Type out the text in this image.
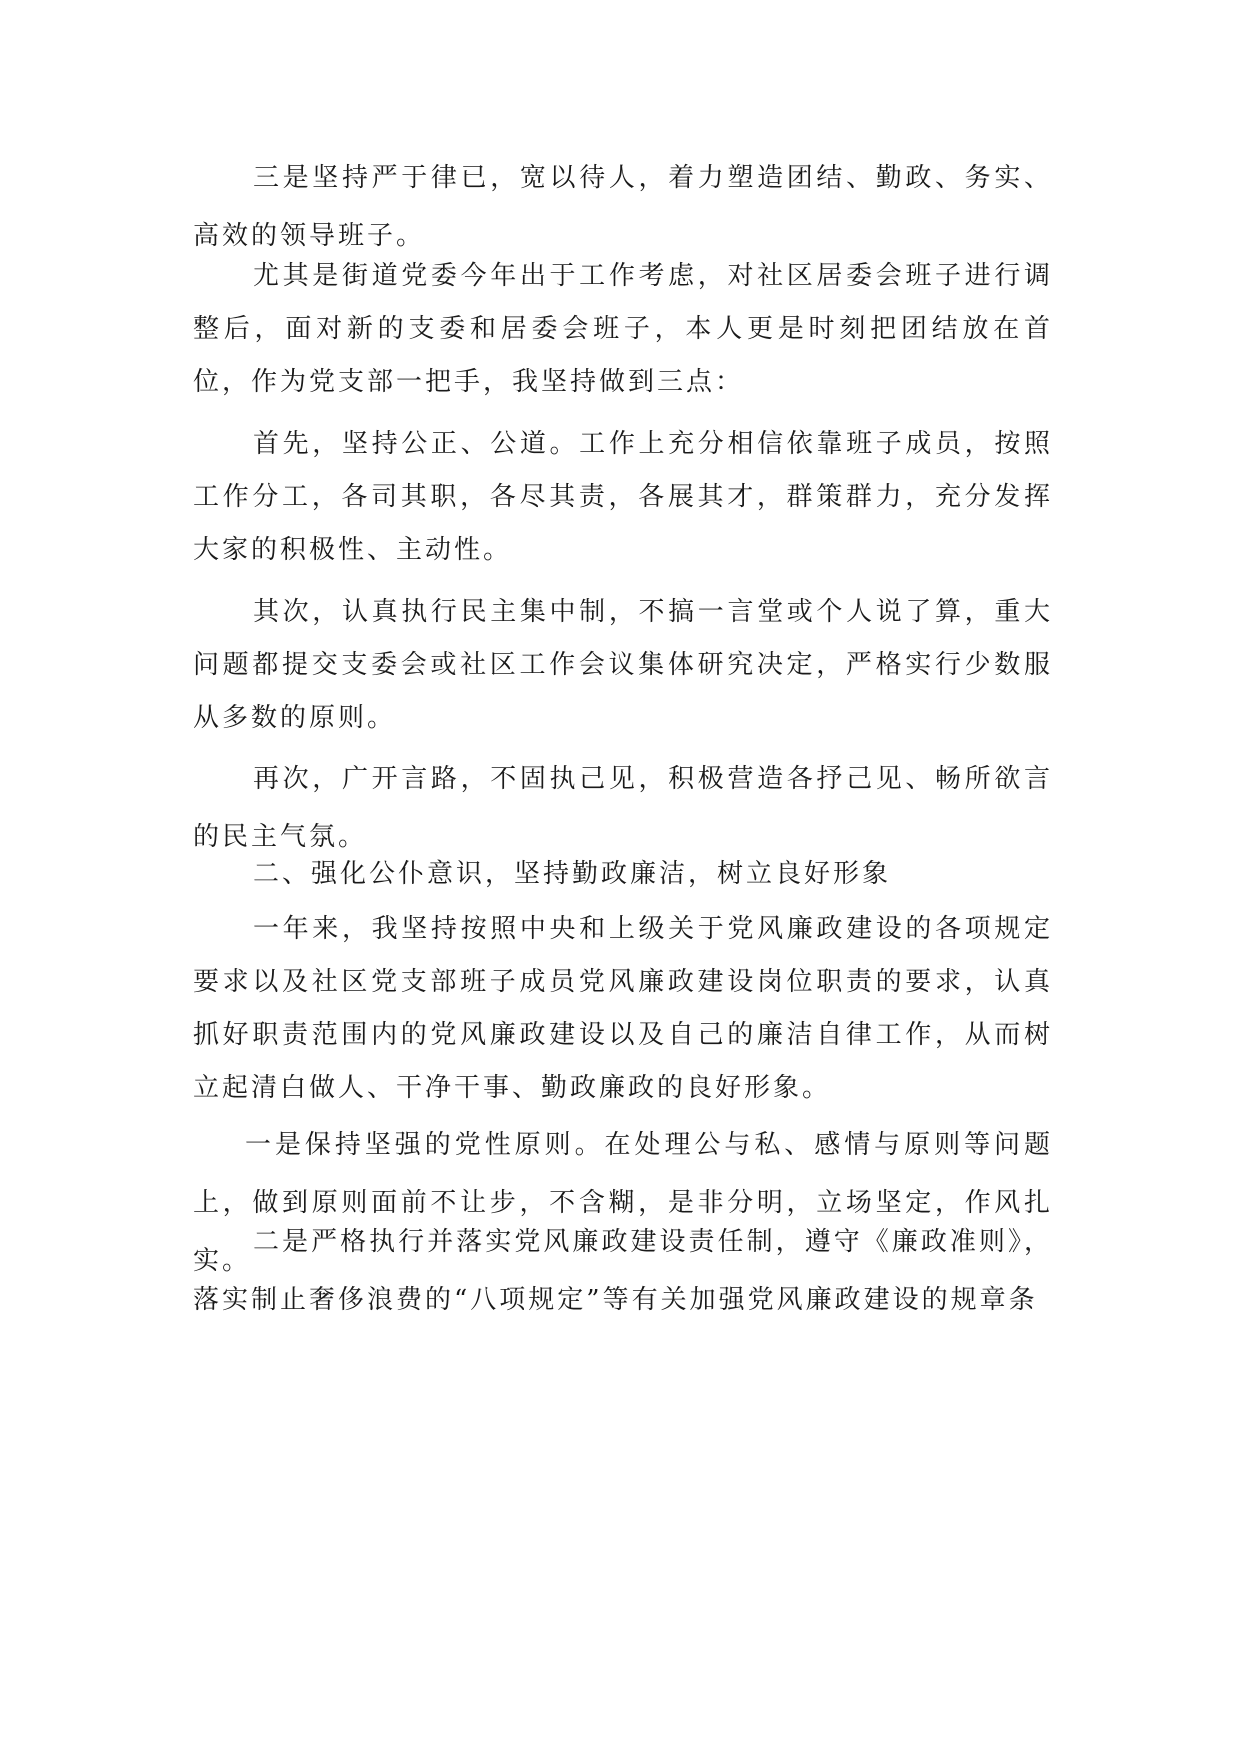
三是坚持严于律已，宽以待人，着力塑造团结、勤政、务实、高效的领导班子。

尤其是街道党委今年出于工作考虑，对社区居委会班子进行调整后，面对新的支委和居委会班子，本人更是时刻把团结放在首位，作为党支部一把手，我坚持做到三点：

首先，坚持公正、公道。工作上充分相信依靠班子成员，按照工作分工，各司其职，各尽其责，各展其才，群策群力，充分发挥大家的积极性、主动性。

其次，认真执行民主集中制，不搞一言堂或个人说了算，重大问题都提交支委会或社区工作会议集体研究决定，严格实行少数服从多数的原则。

再次，广开言路，不固执己见，积极营造各抒己见、畅所欲言的民主气氛。

二、强化公仆意识，坚持勤政廉洁，树立良好形象

一年来，我坚持按照中央和上级关于党风廉政建设的各项规定要求以及社区党支部班子成员党风廉政建设岗位职责的要求，认真抓好职责范围内的党风廉政建设以及自己的廉洁自律工作，从而树立起清白做人、干净干事、勤政廉政的良好形象。

一是保持坚强的党性原则。在处理公与私、感情与原则等问题上，做到原则面前不让步，不含糊，是非分明，立场坚定，作风扎实。

二是严格执行并落实党风廉政建设责任制，遵守《廉政准则》，落实制止奢侈浪费的“八项规定”等有关加强党风廉政建设的规章条
